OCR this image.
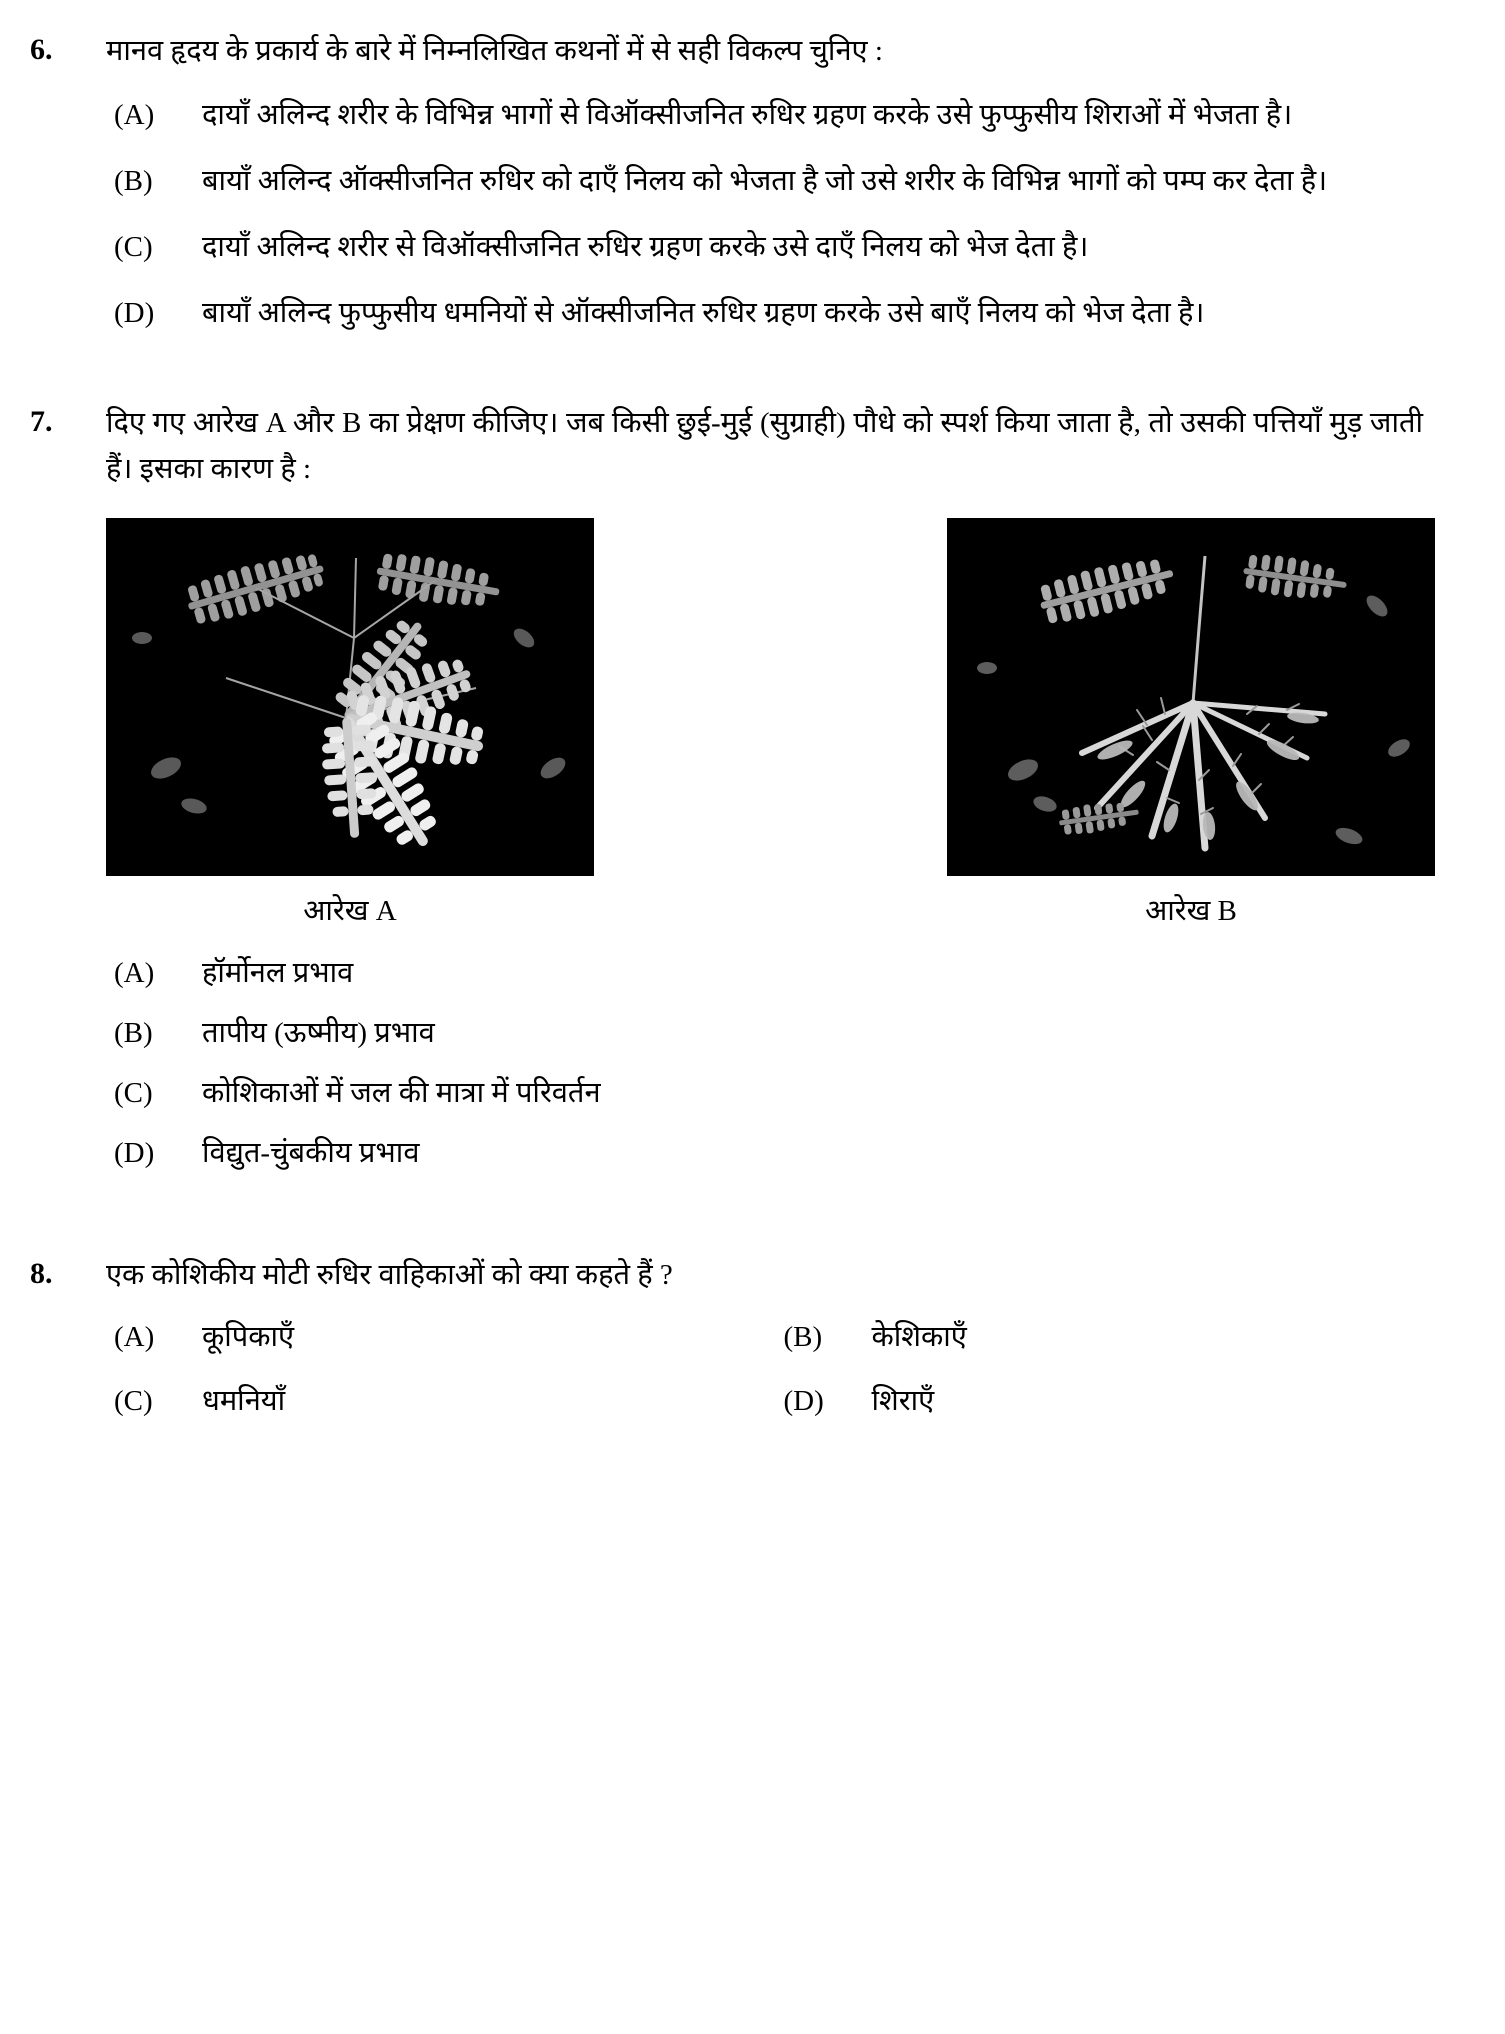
6.	मानव हृदय के प्रकार्य के बारे में निम्नलिखित कथनों में से सही विकल्प चुनिए :
(A)	दायाँ अलिन्द शरीर के विभिन्न भागों से विऑक्सीजनित रुधिर ग्रहण करके उसे फुप्फुसीय शिराओं में भेजता है।
(B)	बायाँ अलिन्द ऑक्सीजनित रुधिर को दाएँ निलय को भेजता है जो उसे शरीर के विभिन्न भागों को पम्प कर देता है।
(C)	दायाँ अलिन्द शरीर से विऑक्सीजनित रुधिर ग्रहण करके उसे दाएँ निलय को भेज देता है।
(D)	बायाँ अलिन्द फुप्फुसीय धमनियों से ऑक्सीजनित रुधिर ग्रहण करके उसे बाएँ निलय को भेज देता है।
7.	दिए गए आरेख A और B का प्रेक्षण कीजिए। जब किसी छुई-मुई (सुग्राही) पौधे को स्पर्श किया जाता है, तो उसकी पत्तियाँ मुड़ जाती हैं। इसका कारण है :
आरेख A	आरेख B
(A)	हॉर्मोनल प्रभाव
(B)	तापीय (ऊष्मीय) प्रभाव
(C)	कोशिकाओं में जल की मात्रा में परिवर्तन
(D)	विद्युत-चुंबकीय प्रभाव
8.	एक कोशिकीय मोटी रुधिर वाहिकाओं को क्या कहते हैं ?
(A)	कूपिकाएँ	(B)	केशिकाएँ
(C)	धमनियाँ	(D)	शिराएँ
